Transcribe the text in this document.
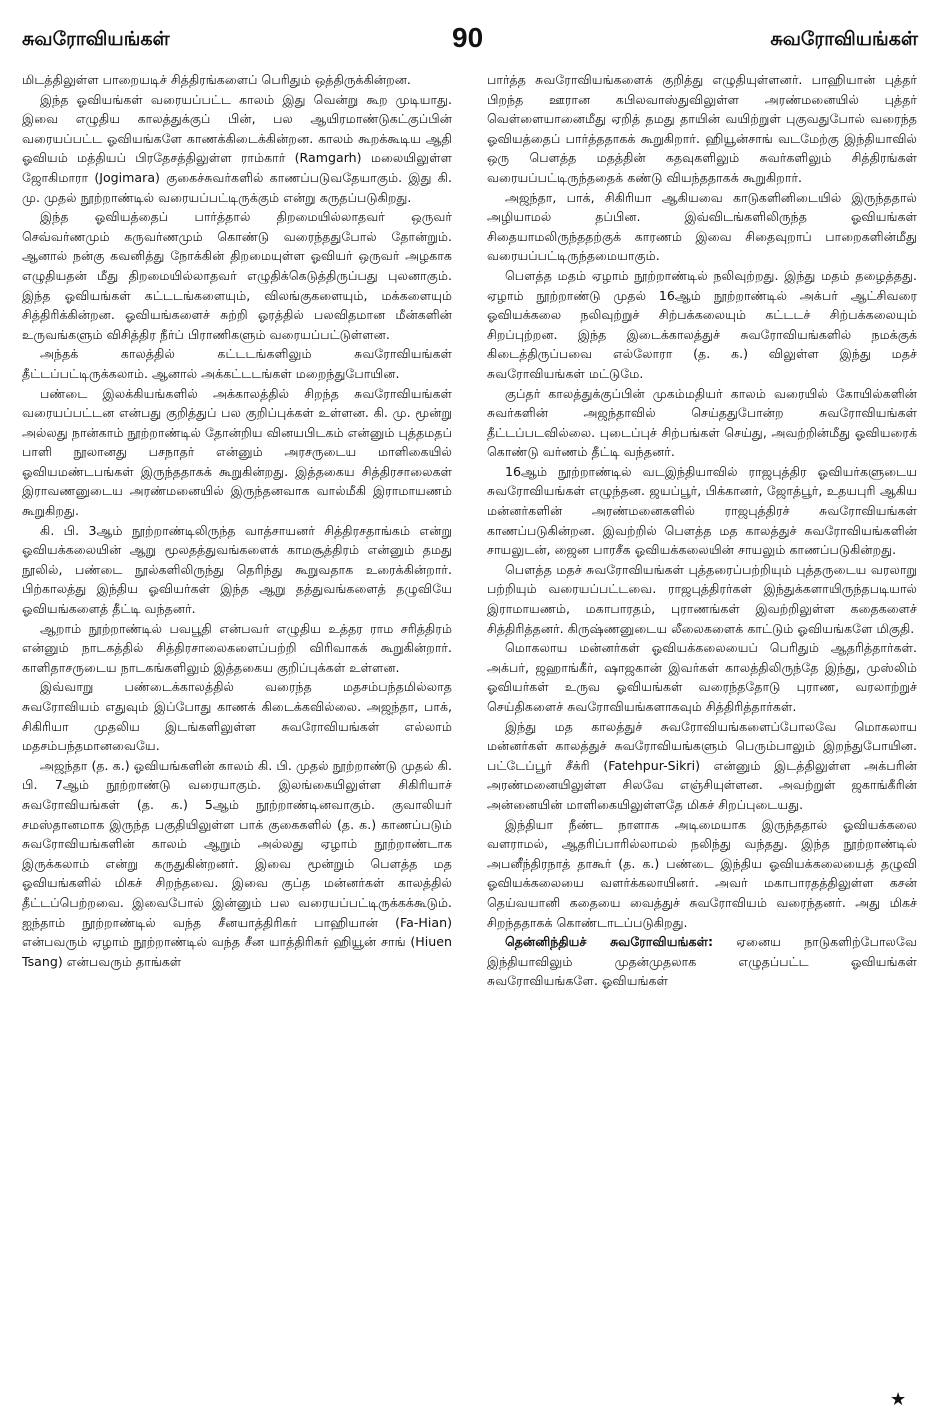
சுவரோவியங்கள்	90	சுவரோவியங்கள்

மிடத்திலுள்ள பாறையடிச் சித்திரங்களைப் பெரிதும் ஒத்திருக்கின்றன.

இந்த ஓவியங்கள் வரையப்பட்ட காலம் இது வென்று கூற முடியாது. இவை எழுதிய காலத்துக்குப் பின், பல ஆயிரமாண்டுகட்குப்பின் வரையப்பட்ட ஓவியங்களே காணக்கிடைக்கின்றன. காலம் கூறக்கூடிய ஆதி ஓவியம் மத்தியப் பிரதேசத்திலுள்ள ராம்கார் (Ramgarh) மலையிலுள்ள ஜோகிமாரா (Jogimara) குகைச்சுவர்களில் காணப்படுவதேயாகும். இது கி. மு. முதல் நூற்றாண்டில் வரையப்பட்டிருக்கும் என்று கருதப்படுகிறது.

இந்த ஓவியத்தைப் பார்த்தால் திறமையில்லாதவர் ஒருவர் செவ்வர்ணமும் கருவர்ணமும் கொண்டு வரைந்ததுபோல் தோன்றும். ஆனால் நன்கு கவனித்து நோக்கின் திறமையுள்ள ஓவியர் ஒருவர் அழகாக எழுதியதன் மீது திறமையில்லாதவர் எழுதிக்கெடுத்திருப்பது புலனாகும். இந்த ஓவியங்கள் கட்டடங்களையும், விலங்குகளையும், மக்களையும் சித்திரிக்கின்றன. ஓவியங்களைச் சுற்றி ஓரத்தில் பலவிதமான மீன்களின் உருவங்களும் விசித்திர நீர்ப் பிராணிகளும் வரையப்பட்டுள்ளன.

அந்தக் காலத்தில் கட்டடங்களிலும் சுவரோவியங்கள் தீட்டப்பட்டிருக்கலாம். ஆனால் அக்கட்டடங்கள் மறைந்துபோயின.

பண்டை இலக்கியங்களில் அக்காலத்தில் சிறந்த சுவரோவியங்கள் வரையப்பட்டன என்பது குறித்துப் பல குறிப்புக்கள் உள்ளன. கி. மு. மூன்று அல்லது நான்காம் நூற்றாண்டில் தோன்றிய வினயபிடகம் என்னும் புத்தமதப் பாளி நூலானது பசநாதர் என்னும் அரசருடைய மாளிகையில் ஓவியமண்டபங்கள் இருந்ததாகக் கூறுகின்றது. இத்தகைய சித்திரசாலைகள் இராவணனுடைய அரண்மனையில் இருந்தனவாக வால்மீகி இராமாயணம் கூறுகிறது.

கி. பி. 3ஆம் நூற்றாண்டிலிருந்த வாத்சாயனர் சித்திரசதாங்கம் என்று ஓவியக்கலையின் ஆறு மூலதத்துவங்களைக் காமசூத்திரம் என்னும் தமது நூலில், பண்டை நூல்களிலிருந்து தெரிந்து கூறுவதாக உரைக்கின்றார். பிற்காலத்து இந்திய ஓவியர்கள் இந்த ஆறு தத்துவங்களைத் தழுவியே ஓவியங்களைத் தீட்டி வந்தனர்.

ஆறாம் நூற்றாண்டில் பவபூதி என்பவர் எழுதிய உத்தர ராம சரித்திரம் என்னும் நாடகத்தில் சித்திரசாலைகளைப்பற்றி விரிவாகக் கூறுகின்றார். காளிதாசருடைய நாடகங்களிலும் இத்தகைய குறிப்புக்கள் உள்ளன.

இவ்வாறு பண்டைக்காலத்தில் வரைந்த மதசம்பந்தமில்லாத சுவரோவியம் எதுவும் இப்போது காணக் கிடைக்கவில்லை. அஜந்தா, பாக், சிகிரியா முதலிய இடங்களிலுள்ள சுவரோவியங்கள் எல்லாம் மதசம்பந்தமானவையே.

அஜந்தா (த. க.) ஓவியங்களின் காலம் கி. பி. முதல் நூற்றாண்டு முதல் கி. பி. 7ஆம் நூற்றாண்டு வரையாகும். இலங்கையிலுள்ள சிகிரியாச் சுவரோவியங்கள் (த. க.) 5ஆம் நூற்றாண்டினவாகும். குவாலியர் சமஸ்தானமாக இருந்த பகுதியிலுள்ள பாக் குகைகளில் (த. க.) காணப்படும் சுவரோவியங்களின் காலம் ஆறும் அல்லது ஏழாம் நூற்றாண்டாக இருக்கலாம் என்று கருதுகின்றனர். இவை மூன்றும் பௌத்த மத ஓவியங்களில் மிகச் சிறந்தவை. இவை குப்த மன்னர்கள் காலத்தில் தீட்டப்பெற்றவை. இவைபோல் இன்னும் பல வரையப்பட்டிருக்கக்கூடும். ஐந்தாம் நூற்றாண்டில் வந்த சீனயாத்திரிகர் பாஹியான் (Fa-Hian) என்பவரும் ஏழாம் நூற்றாண்டில் வந்த சீன யாத்திரிகர் ஹியூன் சாங் (Hiuen Tsang) என்பவரும் தாங்கள்

பார்த்த சுவரோவியங்களைக் குறித்து எழுதியுள்ளனர். பாஹியான் புத்தர் பிறந்த ஊரான கபிலவாஸ்துவிலுள்ள அரண்மனையில் புத்தர் வெள்ளையானைமீது ஏறித் தமது தாயின் வயிற்றுள் புகுவதுபோல் வரைந்த ஓவியத்தைப் பார்த்ததாகக் கூறுகிறார். ஹியூன்சாங் வடமேற்கு இந்தியாவில் ஒரு பௌத்த மதத்தின் கதவுகளிலும் சுவர்களிலும் சித்திரங்கள் வரையப்பட்டிருந்ததைக் கண்டு வியந்ததாகக் கூறுகிறார்.

அஜந்தா, பாக், சிகிரியா ஆகியவை காடுகளினிடையில் இருந்ததால் அழியாமல் தப்பின. இவ்விடங்களிலிருந்த ஓவியங்கள் சிதையாமலிருந்ததற்குக் காரணம் இவை சிதைவுறாப் பாறைகளின்மீது வரையப்பட்டிருந்தமையாகும்.

பௌத்த மதம் ஏழாம் நூற்றாண்டில் நலிவுற்றது. இந்து மதம் தழைத்தது. ஏழாம் நூற்றாண்டு முதல் 16ஆம் நூற்றாண்டில் அக்பர் ஆட்சிவரை ஓவியக்கலை நலிவுற்றுச் சிற்பக்கலையும் கட்டடச் சிற்பக்கலையும் சிறப்புற்றன. இந்த இடைக்காலத்துச் சுவரோவியங்களில் நமக்குக் கிடைத்திருப்பவை எல்லோரா (த. க.) விலுள்ள இந்து மதச் சுவரோவியங்கள் மட்டுமே.

குப்தர் காலத்துக்குப்பின் முகம்மதியர் காலம் வரையில் கோயில்களின் சுவர்களின் அஜந்தாவில் செய்ததுபோன்ற சுவரோவியங்கள் தீட்டப்படவில்லை. புடைப்புச் சிற்பங்கள் செய்து, அவற்றின்மீது ஓவியரைக் கொண்டு வர்ணம் தீட்டி வந்தனர்.

16ஆம் நூற்றாண்டில் வடஇந்தியாவில் ராஜபுத்திர ஓவியர்களுடைய சுவரோவியங்கள் எழுந்தன. ஜயப்பூர், பிக்கானர், ஜோத்பூர், உதயபுரி ஆகிய மன்னர்களின் அரண்மனைகளில் ராஜபுத்திரச் சுவரோவியங்கள் காணப்படுகின்றன. இவற்றில் பௌத்த மத காலத்துச் சுவரோவியங்களின் சாயலுடன், ஜைன பாரசீக ஓவியக்கலையின் சாயலும் காணப்படுகின்றது.

பௌத்த மதச் சுவரோவியங்கள் புத்தரைப்பற்றியும் புத்தருடைய வரலாறு பற்றியும் வரையப்பட்டவை. ராஜபுத்திரர்கள் இந்துக்களாயிருந்தபடியால் இராமாயணம், மகாபாரதம், புராணங்கள் இவற்றிலுள்ள கதைகளைச் சித்திரித்தனர். கிருஷ்ணனுடைய லீலைகளைக் காட்டும் ஓவியங்களே மிகுதி.

மொகலாய மன்னர்கள் ஓவியக்கலையைப் பெரிதும் ஆதரித்தார்கள். அக்பர், ஜஹாங்கீர், ஷாஜகான் இவர்கள் காலத்திலிருந்தே இந்து, முஸ்லிம் ஓவியர்கள் உருவ ஓவியங்கள் வரைந்ததோடு புராண, வரலாற்றுச் செய்திகளைச் சுவரோவியங்களாகவும் சித்திரித்தார்கள்.

இந்து மத காலத்துச் சுவரோவியங்களைப்போலவே மொகலாய மன்னர்கள் காலத்துச் சுவரோவியங்களும் பெரும்பாலும் இறந்துபோயின. பட்டேப்பூர் சீக்ரி (Fatehpur-Sikri) என்னும் இடத்திலுள்ள அக்பரின் அரண்மனையிலுள்ள சிலவே எஞ்சியுள்ளன. அவற்றுள் ஜகாங்கீரின் அன்னையின் மாளிகையிலுள்ளதே மிகச் சிறப்புடையது.

இந்தியா நீண்ட நாளாக அடிமையாக இருந்ததால் ஓவியக்கலை வளராமல், ஆதரிப்பாரில்லாமல் நலிந்து வந்தது. இந்த நூற்றாண்டில் அபனீந்திரநாத் தாகூர் (த. க.) பண்டை இந்திய ஓவியக்கலையைத் தழுவி ஓவியக்கலையை வளர்க்கலாயினர். அவர் மகாபாரதத்திலுள்ள கசன் தெய்வயானி கதையை வைத்துச் சுவரோவியம் வரைந்தனர். அது மிகச் சிறந்ததாகக் கொண்டாடப்படுகிறது.

தென்னிந்தியச் சுவரோவியங்கள்: ஏனைய நாடுகளிற்போலவே இந்தியாவிலும் முதன்முதலாக எழுதப்பட்ட ஓவியங்கள் சுவரோவியங்களே. ஓவியங்கள்

★
